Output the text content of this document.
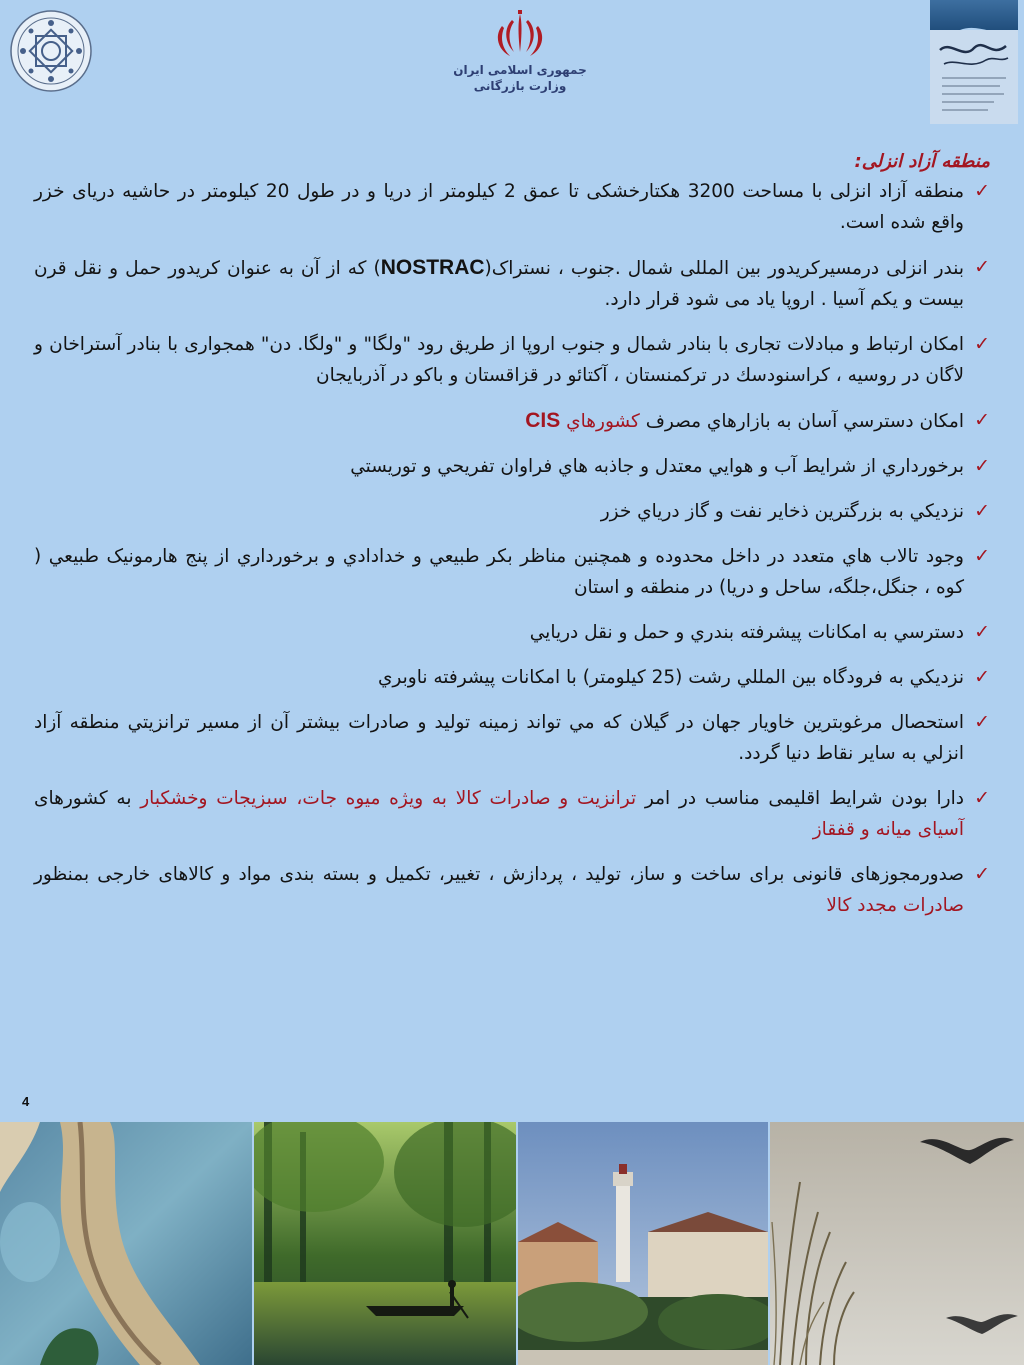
جمهوری اسلامی ایران
وزارت بازرگانی
منطقه آزاد انزلی:
✓
منطقه آزاد انزلی با مساحت 3200 هکتارخشکی تا عمق 2 کیلومتر از دریا و در طول 20 کیلومتر در حاشیه دریای خزر واقع شده است.
✓
بندر انزلی درمسیرکریدور بین المللی شمال .جنوب ، نستراک(NOSTRAC) که از آن به عنوان کریدور حمل و نقل قرن بیست و یکم آسیا . اروپا یاد می شود قرار دارد.
✓
امکان ارتباط و مبادلات تجاری با بنادر شمال و جنوب اروپا از طریق رود "ولگا" و "ولگا. دن" همجواری با بنادر آستراخان و لاگان در روسیه ، کراسنودسك در ترکمنستان ، آکتائو در قزاقستان و باکو در آذربایجان
✓
امکان دسترسي آسان به بازارهاي مصرف کشورهاي CIS
✓
برخورداري از شرايط آب و هوايي معتدل و جاذبه هاي فراوان تفريحي و توريستي
✓
نزديکي به بزرگترين ذخاير نفت و گاز درياي خزر
✓
وجود تالاب هاي متعدد در داخل محدوده و همچنين مناظر بکر طبيعي و خدادادي و برخورداري از پنج هارمونيک طبيعي ( کوه ، جنگل،جلگه، ساحل و دريا) در منطقه و استان
✓
دسترسي به امکانات پيشرفته بندري و حمل و نقل دريايي
✓
نزديکي به فرودگاه بين المللي رشت (25 کيلومتر) با امکانات پيشرفته ناوبري
✓
استحصال مرغوبترين خاويار جهان در گيلان که مي تواند زمينه توليد و صادرات بيشتر آن از مسير ترانزيتي منطقه آزاد انزلي به ساير نقاط دنيا گردد.
✓
دارا بودن شرایط اقلیمی مناسب در امر ترانزیت و صادرات کالا به ویژه میوه جات، سبزیجات وخشکبار به کشورهای آسیای میانه و قفقاز
✓
صدورمجوزهای قانونی برای ساخت و ساز، تولید ، پردازش ، تغییر، تکمیل و بسته بندی مواد و کالاهای خارجی بمنظور صادرات مجدد کالا
4
